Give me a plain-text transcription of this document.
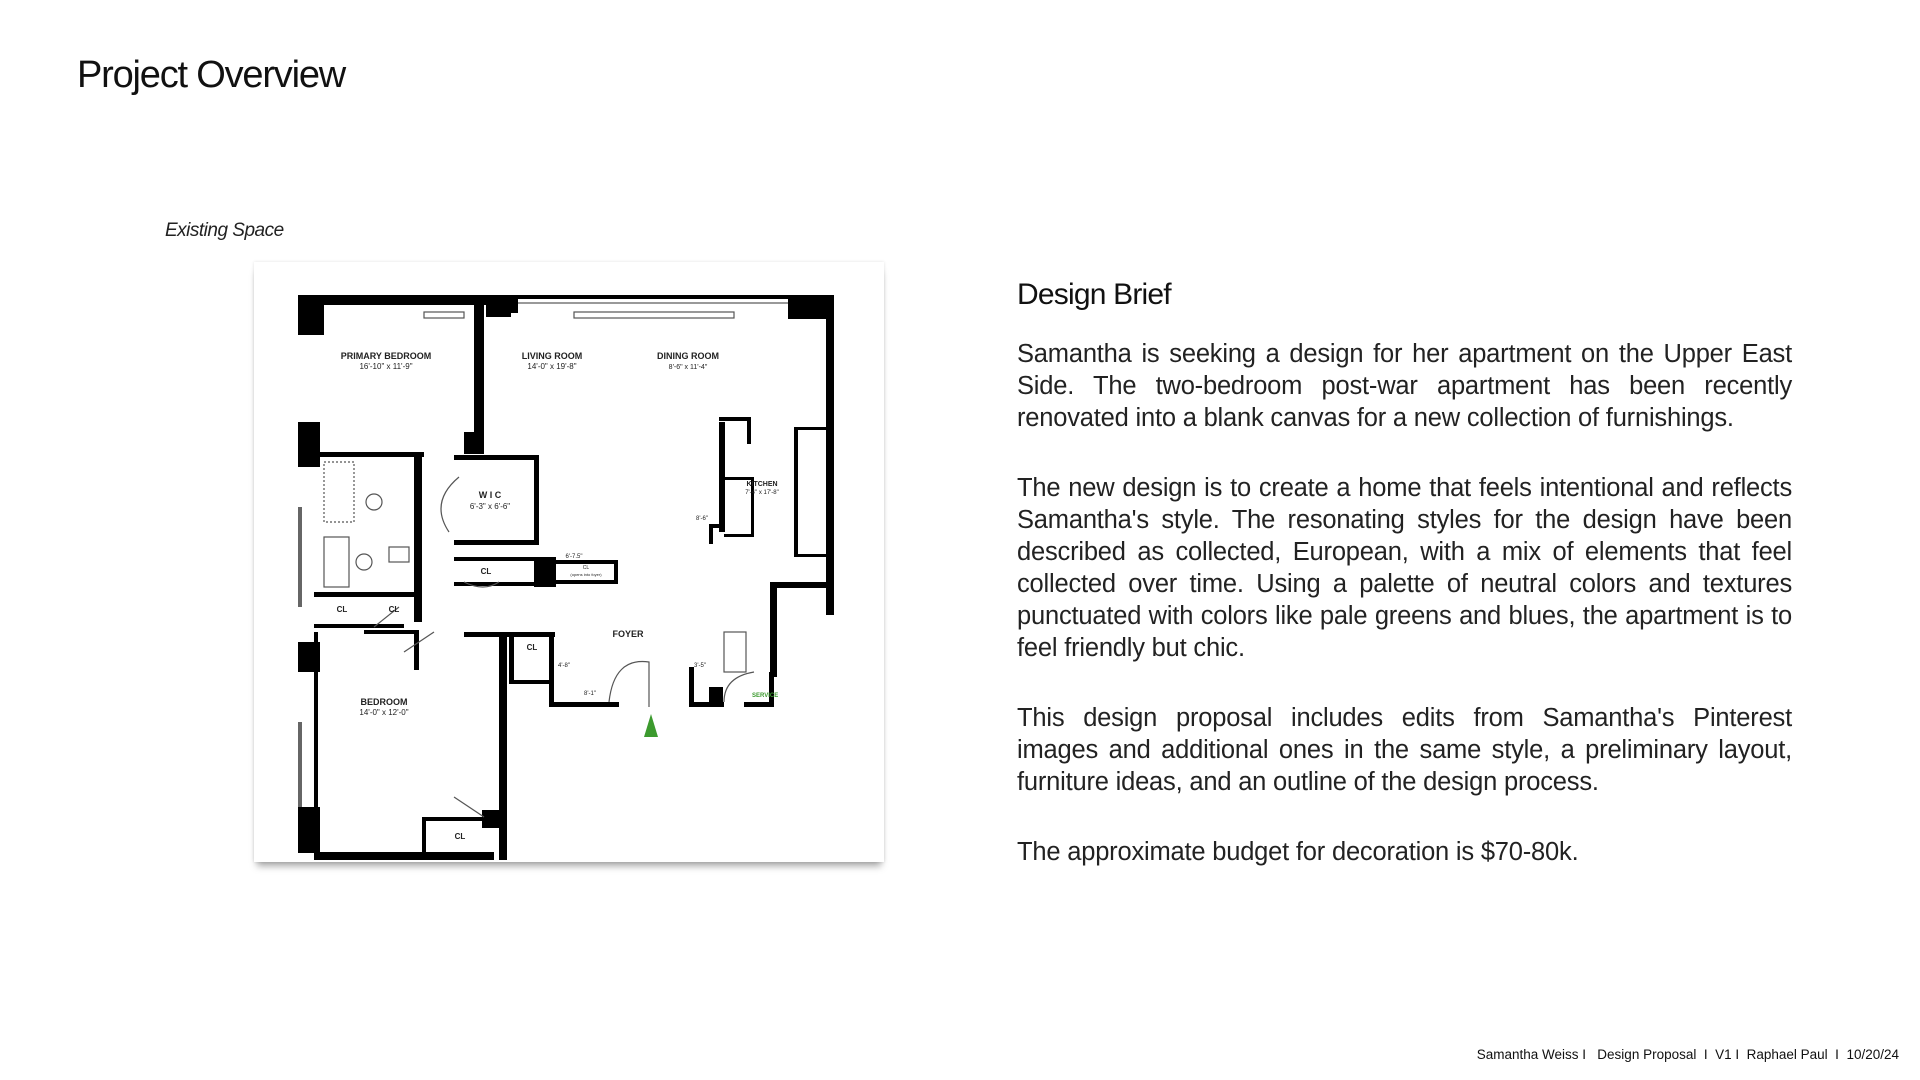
Project Overview
Existing Space
PRIMARY BEDROOM
16'-10" x 11'-9"
LIVING ROOM
14'-0" x 19'-8"
DINING ROOM
8'-6" x 11'-4"
W I C
6'-3" x 6'-6"
KITCHEN
7'-4" x 17'-8"
FOYER
BEDROOM
14'-0" x 12'-0"
CL
CL	CL
CL
CL
CL
(opens into foyer)
8'-6"
6'-7.5"
4'-8"
8'-1"
3'-5"
SERVICE
Design Brief

Samantha is seeking a design for her apartment on the Upper East Side. The two-bedroom post-war apartment has been recently renovated into a blank canvas for a new collection of furnishings.

The new design is to create a home that feels intentional and reflects Samantha's style. The resonating styles for the design have been described as collected, European, with a mix of elements that feel collected over time. Using a palette of neutral colors and textures punctuated with colors like pale greens and blues, the apartment is to feel friendly but chic.

This design proposal includes edits from Samantha's Pinterest images and additional ones in the same style, a preliminary layout, furniture ideas, and an outline of the design process.

The approximate budget for decoration is $70-80k.

Samantha Weiss I   Design Proposal  I  V1 I  Raphael Paul  I  10/20/24
